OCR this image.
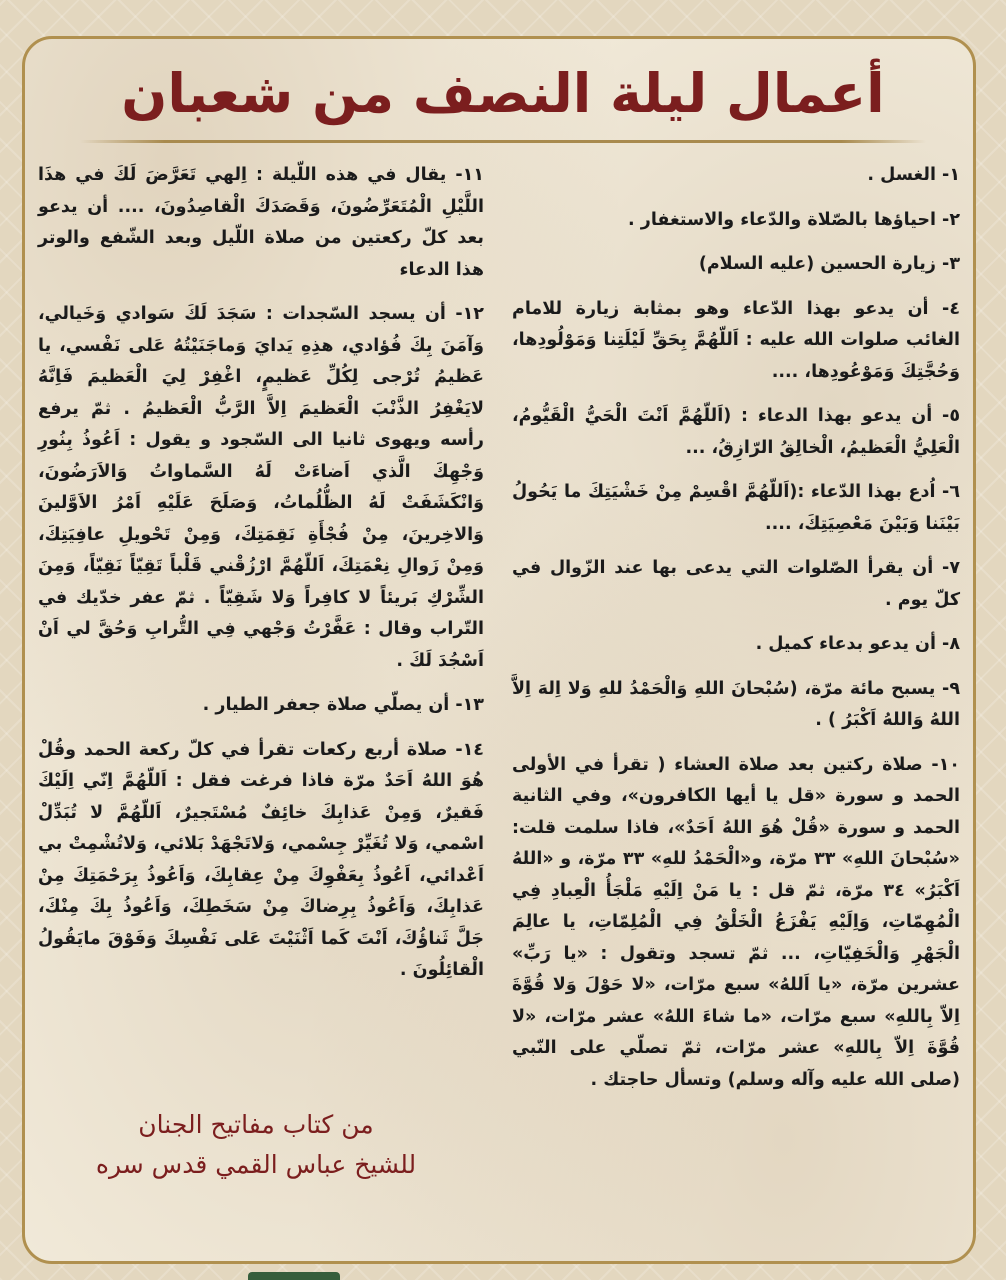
أعمال ليلة النصف من شعبان

١- الغسل .

٢- احياؤها بالصّلاة والدّعاء والاستغفار .

٣- زيارة الحسين (عليه السلام)

٤- أن يدعو بهذا الدّعاء وهو بمثابة زيارة للامام الغائب صلوات الله عليه : اَللّهُمَّ بِحَقِّ لَيْلَتِنا وَمَوْلُودِها، وَحُجَّتِكَ وَمَوْعُودِها، ....

٥- أن يدعو بهذا الدعاء : (اَللّهُمَّ اَنْتَ الْحَيُّ الْقَيُّومُ، الْعَلِيُّ الْعَظيمُ، الْخالِقُ الرّازِقُ، ...

٦- اُدع بهذا الدّعاء :(اَللّهُمَّ اقْسِمْ مِنْ خَشْيَتِكَ ما يَحُولُ بَيْنَنا وَبَيْنَ مَعْصِيَتِكَ، ....

٧- أن يقرأ الصّلوات التي يدعى بها عند الزّوال في كلّ يوم .

٨- أن يدعو بدعاء كميل .

٩- يسبح مائة مرّة، (سُبْحانَ اللهِ وَالْحَمْدُ للهِ وَلا اِلهَ اِلاَّ اللهُ وَاللهُ اَكْبَرُ ) .

١٠- صلاة ركتين بعد صلاة العشاء ( تقرأ في الأولى الحمد و سورة «قل يا أيها الكافرون»، وفي الثانية الحمد و سورة «قُلْ هُوَ اللهُ اَحَدٌ»، فاذا سلمت قلت: «سُبْحانَ اللهِ» ٣٣ مرّة، و«الْحَمْدُ للهِ» ٣٣ مرّة، و «اللهُ اَكْبَرُ» ٣٤ مرّة، ثمّ قل : يا مَنْ اِلَيْهِ مَلْجَأُ الْعِبادِ فِي الْمُهِمّاتِ، وَاِلَيْهِ يَفْزَعُ الْخَلْقُ فِي الْمُلِمّاتِ، يا عالِمَ الْجَهْرِ وَالْخَفِيّاتِ، ... ثمّ تسجد وتقول : «يا رَبِّ» عشرين مرّة، «يا اَللهُ» سبع مرّات، «لا حَوْلَ وَلا قُوَّةَ اِلاّ بِاللهِ» سبع مرّات، «ما شاءَ اللهُ» عشر مرّات، «لا قُوَّةَ اِلاّ بِاللهِ» عشر مرّات، ثمّ تصلّي على النّبي (صلى الله عليه وآله وسلم) وتسأل حاجتك .

١١- يقال في هذه اللّيلة : اِلهي تَعَرَّضَ لَكَ في هذَا اللَّيْلِ الْمُتَعَرِّضُونَ، وَقَصَدَكَ الْقاصِدُونَ، .... أن يدعو بعد كلّ ركعتين من صلاة اللّيل وبعد الشّفع والوتر هذا الدعاء

١٢- أن يسجد السّجدات : سَجَدَ لَكَ سَوادي وَخَيالي، وَآمَنَ بِكَ فُؤادي، هذِهِ يَدايَ وَماجَنَيْتُهُ عَلى نَفْسي، يا عَظيمُ تُرْجى لِكُلِّ عَظيمٍ، اغْفِرْ لِيَ الْعَظيمَ فَاِنَّهُ لايَغْفِرُ الذَّنْبَ الْعَظيمَ اِلاَّ الرَّبُّ الْعَظيمُ . ثمّ يرفع رأسه ويهوى ثانيا الى السّجود و يقول : اَعُوذُ بِنُورِ وَجْهِكَ الَّذي اَضاءَتْ لَهُ السَّماواتُ وَالاَرَضُونَ، وَانْكَشَفَتْ لَهُ الظُّلُماتُ، وَصَلَحَ عَلَيْهِ اَمْرُ الاَوَّلينَ وَالاخِرينَ، مِنْ فُجْأَةِ نَقِمَتِكَ، وَمِنْ تَحْويلِ عافِيَتِكَ، وَمِنْ زَوالِ نِعْمَتِكَ، اَللّهُمَّ ارْزُقْني قَلْباً تَقِيّاً نَقِيّاً، وَمِنَ الشِّرْكِ بَريئاً لا كافِراً وَلا شَقِيّاً . ثمّ عفر خدّيك في التّراب وقال : عَفَّرْتُ وَجْهي فِي التُّرابِ وَحُقَّ لي اَنْ اَسْجُدَ لَكَ .

١٣- أن يصلّي صلاة جعفر الطيار .

١٤- صلاة أربع ركعات تقرأ في كلّ ركعة الحمد وقُلْ هُوَ اللهُ اَحَدٌ مرّة فاذا فرغت فقل : اَللّهُمَّ اِنّي اِلَيْكَ فَقيرٌ، وَمِنْ عَذابِكَ خائِفٌ مُسْتَجيرٌ، اَللّهُمَّ لا تُبَدِّلْ اسْمي، وَلا تُغَيِّرْ جِسْمي، وَلاتَجْهَدْ بَلائي، وَلاتُشْمِتْ بي اَعْدائي، اَعُوذُ بِعَفْوِكَ مِنْ عِقابِكَ، وَاَعُوذُ بِرَحْمَتِكَ مِنْ عَذابِكَ، وَاَعُوذُ بِرِضاكَ مِنْ سَخَطِكَ، وَاَعُوذُ بِكَ مِنْكَ، جَلَّ ثَناؤُكَ، اَنْتَ كَما اَثْنَيْتَ عَلى نَفْسِكَ وَفَوْقَ مايَقُولُ الْقائِلُونَ .

من كتاب مفاتيح الجنان
للشيخ عباس القمي قدس سره
